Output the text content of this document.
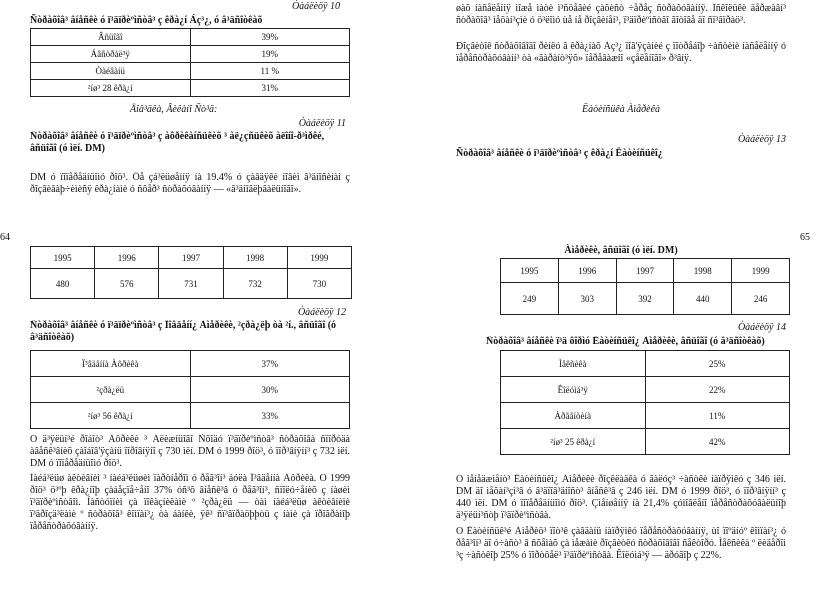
Òàáëèöÿ 10
Ñòðàõîâ³ âíåñêè ó ï³äïðèºìñòâ³ ç êðà¿í Áç³¿, ó â³äñîòêàõ
Âñüîãî	39%
Áâñòðàë³ÿ	19%
Òàéâàíü	11 %
²íø³ 28 êðà¿í	31%
Äîâ³äêà, Âèêàíî Ñò³ä:
Òàáëèöÿ 11
Ñòðàõîâ³ âíåñêè ó ï³äïðèºìñòâ³ ç àôðèêàíñüêèõ ³ àë¿çñüêèõ àëîíî-ð³ìðêé, âñüîãî (ó ìëí. DM)
DM ó ïîïåðåäíüîìó ðîö³. Öå çá³ëüøåííÿ íà 19.4% ó çàâäÿêè íîâèì â³äíîñèíàì ç ðîçâèâàþ÷èìèñÿ êðà¿íàìè ó ñôåð³ ñòðàõóâàííÿ — «â³äíîâëþâàëüíîãî».
64
1995	1996	1997	1998	1999
480	576	731	732	730
Òàáëèöÿ 12
Ñòðàõîâ³ âíåñêè ó ï³äïðèºìñòâ³ ç Ïîâäåíí¿ Àìåðèêè, ²çðà¿ëþ òà ²í., âñüîãî (ó â³äñîòêàõ)
Ï³âäåííà Àôðèêà	37%
²çðà¿ëü	30%
²íø³ 56 êðà¿í	33%
Ó ä³ÿëüí³é ðîáîò³ Àôðèêè ³ Áëèæíüîãî Ñõîäó ï³äïðèºìñòâ³ ñòðàõîâà ñïîðóäà àâåñê³âíèõ çàîáîâ'ÿçàíü ïîðîâíÿíî ç 730 ìëí. DM ó 1999 ðîö³, ó ïîð³âíÿíí³ ç 732 ìëí. DM ó ïîïåðåäíüîìó ðîö³.
Íàéá³ëüø àêòèâíèì ³ íàéá³ëüøèì ïàðòíåðîì ó ðåã³îí³ áóëà Ï³âäåííà Àôðèêà. Ó 1999 ðîö³ ö³ºþ êðà¿íîþ çàáåçïå÷åíî 37% óñ³õ âíåñê³â ó ðåã³îí³, ñïîëó÷åíèõ ç íàøèì ï³äïðèºìñòâîì. Íàñòóïíèì çà ïîêàçíèêàìè º ²çðà¿ëü — òàì íàéá³ëüø àêòèâíèìè ï³äðîçä³ëàìè º ñòðàõîâ³ êîìïàí³¿ òà áàíêè, ÿê³ ñï³âïðàöþþòü ç íàìè çà ïðîãðàìîþ ïåðåñòðàõóâàííÿ.
øàõ íàñåëåííÿ ìîæå ìàòè ì³ñöåâèé çàõèñò ÷åðåç ñòðàõóâàííÿ. Îñêîëüêè äåðæàâí³ ñòðàõîâ³ ìåõàí³çìè ó ö³ëîìó ùå íå ðîçâèíåí³, ï³äïðèºìñòâî ãîòîâå äî ñï³âïðàö³.
Ðîçâèòîê ñòðàõîâîãî ðèíêó â êðà¿íàõ Àç³¿ ïîâ'ÿçàíèé ç ïîòðåáîþ ÷àñòèíè íàñåëåííÿ ó ïåðåñòðàõóâàíí³ òà «ãàðàíò³ÿõ» ïåðåâàæíî «çåëåíîãî» ð³âíÿ.
Ëàòèíñüêà Àìåðèêà
Òàáëèöÿ 13
Ñòðàõîâ³ âíåñêè ó ï³äïðèºìñòâ³ ç êðà¿í Ëàòèíñüêî¿
65
Àìåðèêè, âñüîãî (ó ìëí. DM)
1995	1996	1997	1998	1999
249	303	392	440	246
Òàáëèöÿ 14
Ñòðàõîâ³ âíåñêè ï³ä ôîðìó Ëàòèíñüêî¿ Àìåðèêè, âñüîãî (ó â³äñîòêàõ)
Ìåêñèêà	25%
Êîëóìá³ÿ	22%
Àðãåíòèíà	11%
²íø³ 25 êðà¿í	42%
Ó ìåíåäæìåíò³ Ëàòèíñüêî¿ Àìåðèêè ðîçêëàäêà ó ãàëóç³ ÷àñòêè íàïðÿìêó ç 346 ìëí. DM äî ìåõàí³çì³â ó â³äïîâ³äíîñò³ âíåñê³â ç 246 ìëí. DM ó 1999 ðîö³, ó ïîð³âíÿíí³ ç 440 ìëí. DM ó ïîïåðåäíüîìó ðîö³. Çìåíøåííÿ íà 21,4% çóìîâëåíî ïåðåñòðàõóâàëüíîþ ä³ÿëüí³ñòþ ï³äïðèºìñòâà.
Ó Ëàòèíñüê³é Àìåðèö³ ïîò³ê çàâäàíü íàïðÿìêó ïåðåñòðàõóâàííÿ, ùî ïîºäíóº êîìïàí³¿ ó ðåã³îí³ äî ó÷àñò³ â ñõåìàõ çà ìåæàìè ðîçâèòêó ñòðàõîâîãî ñåêòîðó. Ìåêñèêà º ëèäåðîì ³ç ÷àñòêîþ 25% ó ïîðòôåë³ ï³äïðèºìñòâà. Êîëóìá³ÿ — äðóãîþ ç 22%.
